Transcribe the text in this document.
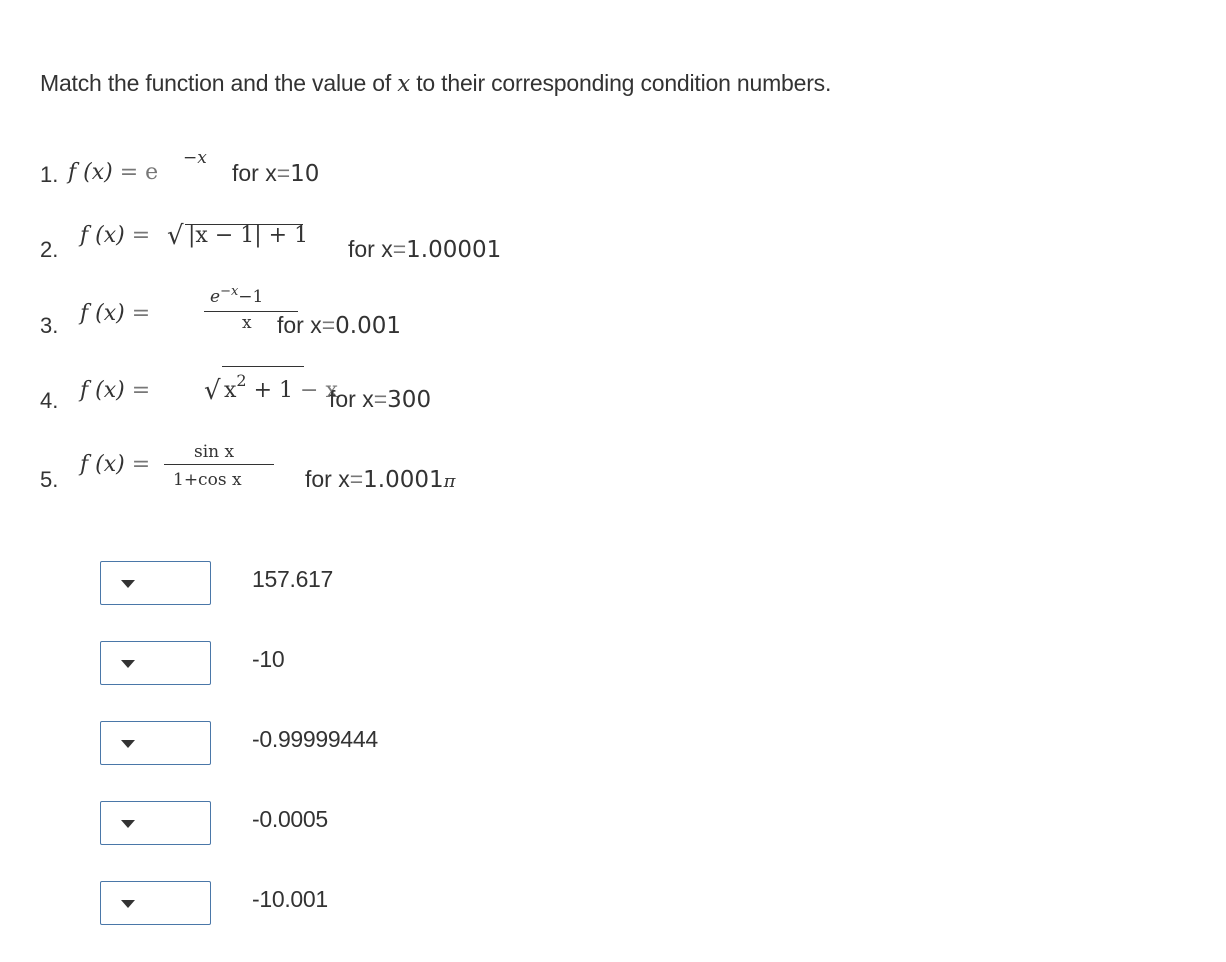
Match the function and the value of x to their corresponding condition numbers.
1. f (x) = e
−x
for x=10
2.
f (x) = √ |x − 1| + 1
for x=1.00001
3. f (x) =
$e^{-x}-1$
x for x=0.001
4. f (x) = √ $x^2 + 1 - x$
for x=300
5.
f (x) =	sin x
1+cos x	for x=1.0001π
157.617
-10
-0.99999444
-0.0005
-10.001
